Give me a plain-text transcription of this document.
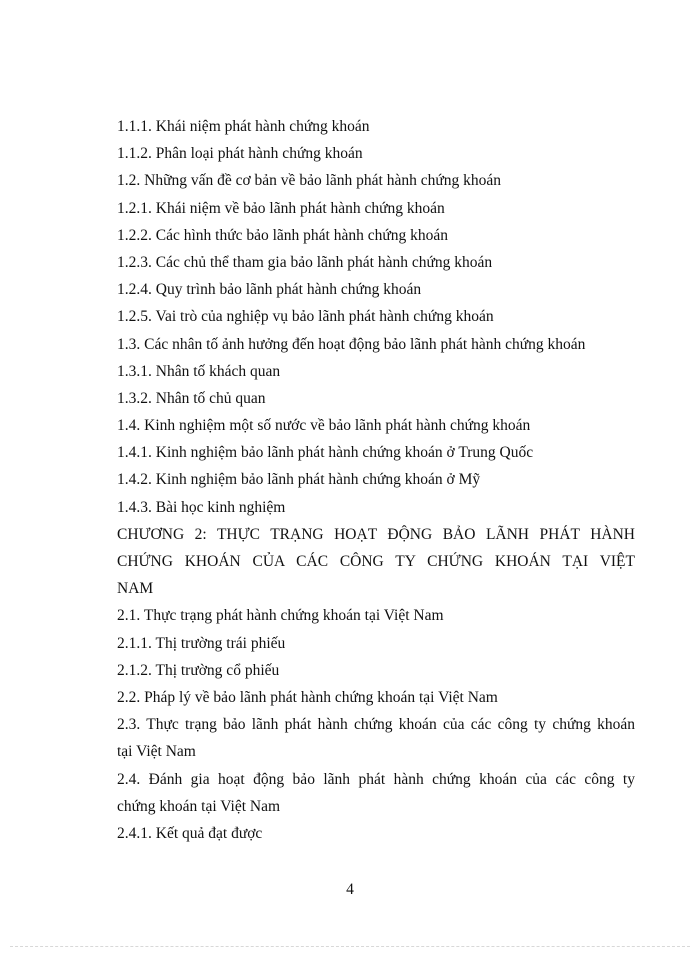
1.1.1. Khái niệm phát hành chứng khoán
1.1.2. Phân loại phát hành chứng khoán
1.2. Những vấn đề cơ bản về bảo lãnh phát hành chứng khoán
1.2.1. Khái niệm về bảo lãnh phát hành chứng khoán
1.2.2. Các hình thức bảo lãnh phát hành chứng khoán
1.2.3. Các chủ thể tham gia bảo lãnh phát hành chứng khoán
1.2.4. Quy trình bảo lãnh phát hành chứng khoán
1.2.5. Vai trò của nghiệp vụ bảo lãnh phát hành chứng khoán
1.3. Các nhân tố ảnh hưởng đến hoạt động bảo lãnh phát hành chứng khoán
1.3.1. Nhân tố khách quan
1.3.2. Nhân tố chủ quan
1.4. Kinh nghiệm một số nước về bảo lãnh phát hành chứng khoán
1.4.1. Kinh nghiệm bảo lãnh phát hành chứng khoán ở Trung Quốc
1.4.2. Kinh nghiệm bảo lãnh phát hành chứng khoán ở Mỹ
1.4.3. Bài học kinh nghiệm
CHƯƠNG 2: THỰC TRẠNG HOẠT ĐỘNG BẢO LÃNH PHÁT HÀNH
CHỨNG KHOÁN CỦA CÁC CÔNG TY CHỨNG KHOÁN TẠI VIỆT
NAM
2.1. Thực trạng phát hành chứng khoán tại Việt Nam
2.1.1. Thị trường trái phiếu
2.1.2. Thị trường cổ phiếu
2.2. Pháp lý về bảo lãnh phát hành chứng khoán tại Việt Nam
2.3. Thực trạng bảo lãnh phát hành chứng khoán của các công ty chứng khoán
tại Việt Nam
2.4. Đánh gia hoạt động bảo lãnh phát hành chứng khoán của các công ty
chứng khoán tại Việt Nam
2.4.1. Kết quả đạt được
4
